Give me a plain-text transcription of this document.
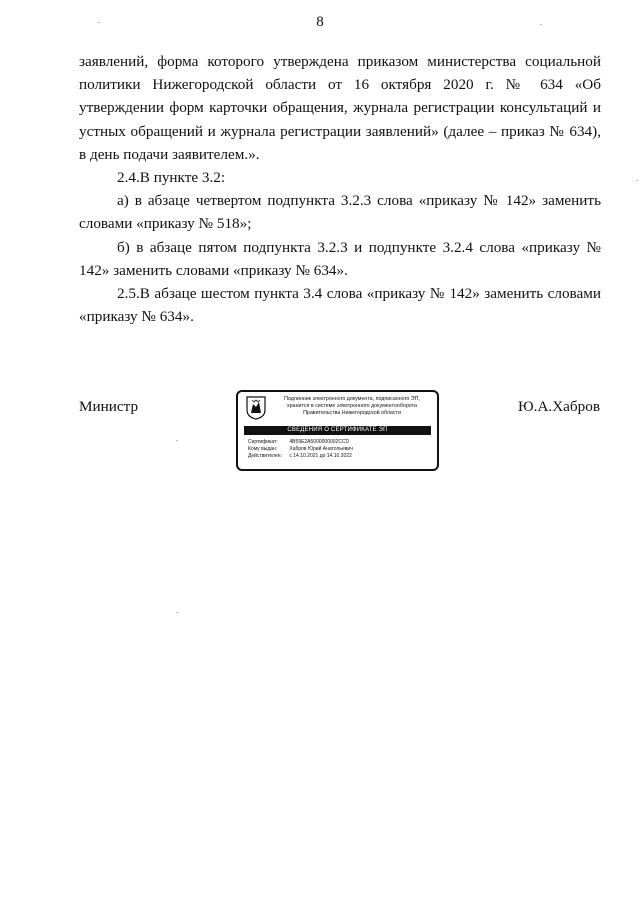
8

заявлений, форма которого утверждена приказом министерства социальной политики Нижегородской области от 16 октября 2020 г. № 634 «Об утверждении форм карточки обращения, журнала регистрации консультаций и устных обращений и журнала регистрации заявлений» (далее – приказ № 634), в день подачи заявителем.».

2.4.В пункте 3.2:

а) в абзаце четвертом подпункта 3.2.3 слова «приказу № 142» заменить словами «приказу № 518»;

б) в абзаце пятом подпункта 3.2.3 и подпункте 3.2.4 слова «приказу № 142» заменить словами «приказу № 634».

2.5.В абзаце шестом пункта 3.4 слова «приказу № 142» заменить словами «приказу № 634».

Министр	Ю.А.Хабров
Подлинник электронного документа, подписанного ЭП,
хранится в системе электронного документооборота
Правительства Нижегородской области
СВЕДЕНИЯ О СЕРТИФИКАТЕ ЭП
Сертификат: 4B59E2A5000000002CCD
Кому выдан: Хабров Юрий Анатольевич
Действителен: с 14.10.2021 до 14.10.2022
